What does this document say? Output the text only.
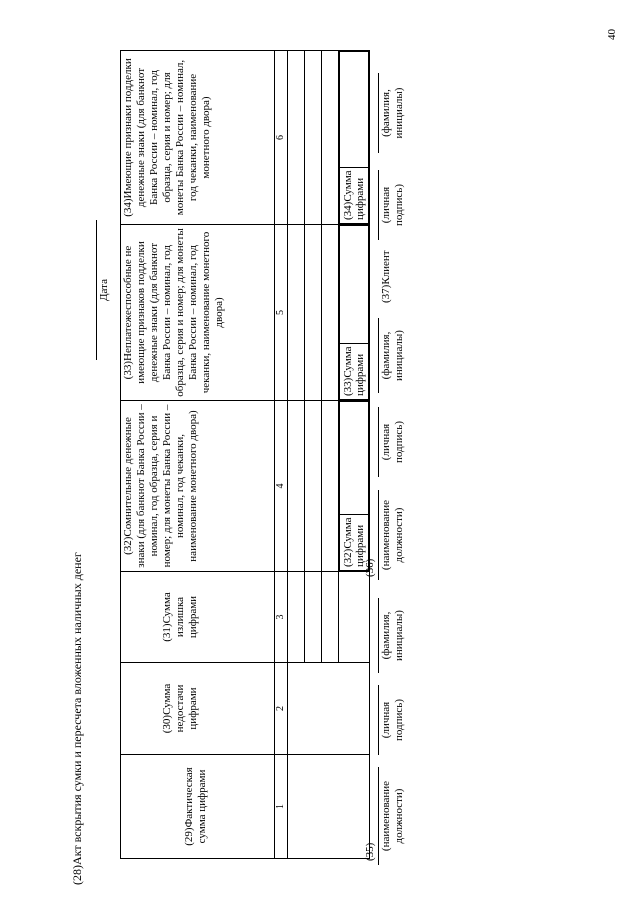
40
(28)Акт вскрытия сумки и пересчета вложенных наличных денег
Дата
(29)Фактическая сумма цифрами	(30)Сумма недостачи цифрами	(31)Сумма излишка цифрами	(32)Сомнительные денежные знаки (для банкнот Банка России – номинал, год образца, серия и номер; для монеты Банка России – номинал, год чеканки, наименование монетного двора)	(33)Неплатежеспособные не имеющие признаков подделки денежные знаки (для банкнот Банка России – номинал, год образца, серия и номер; для монеты Банка России – номинал, год чеканки, наименование монетного двора)	(34)Имеющие признаки подделки денежные знаки (для банкнот Банка России – номинал, год образца, серия и номер; для монеты Банка России – номинал, год чеканки, наименование монетного двора)
1	2	3	4	5	6

(32)Сумма цифрами	

(33)Сумма цифрами	

(34)Сумма цифрами	
(35)
(наименование должности)
(личная подпись)
(фамилия, инициалы)
(36) (наименование должности)
(личная подпись)
(фамилия, инициалы)
(37)Клиент
(личная подпись)
(фамилия, инициалы)
